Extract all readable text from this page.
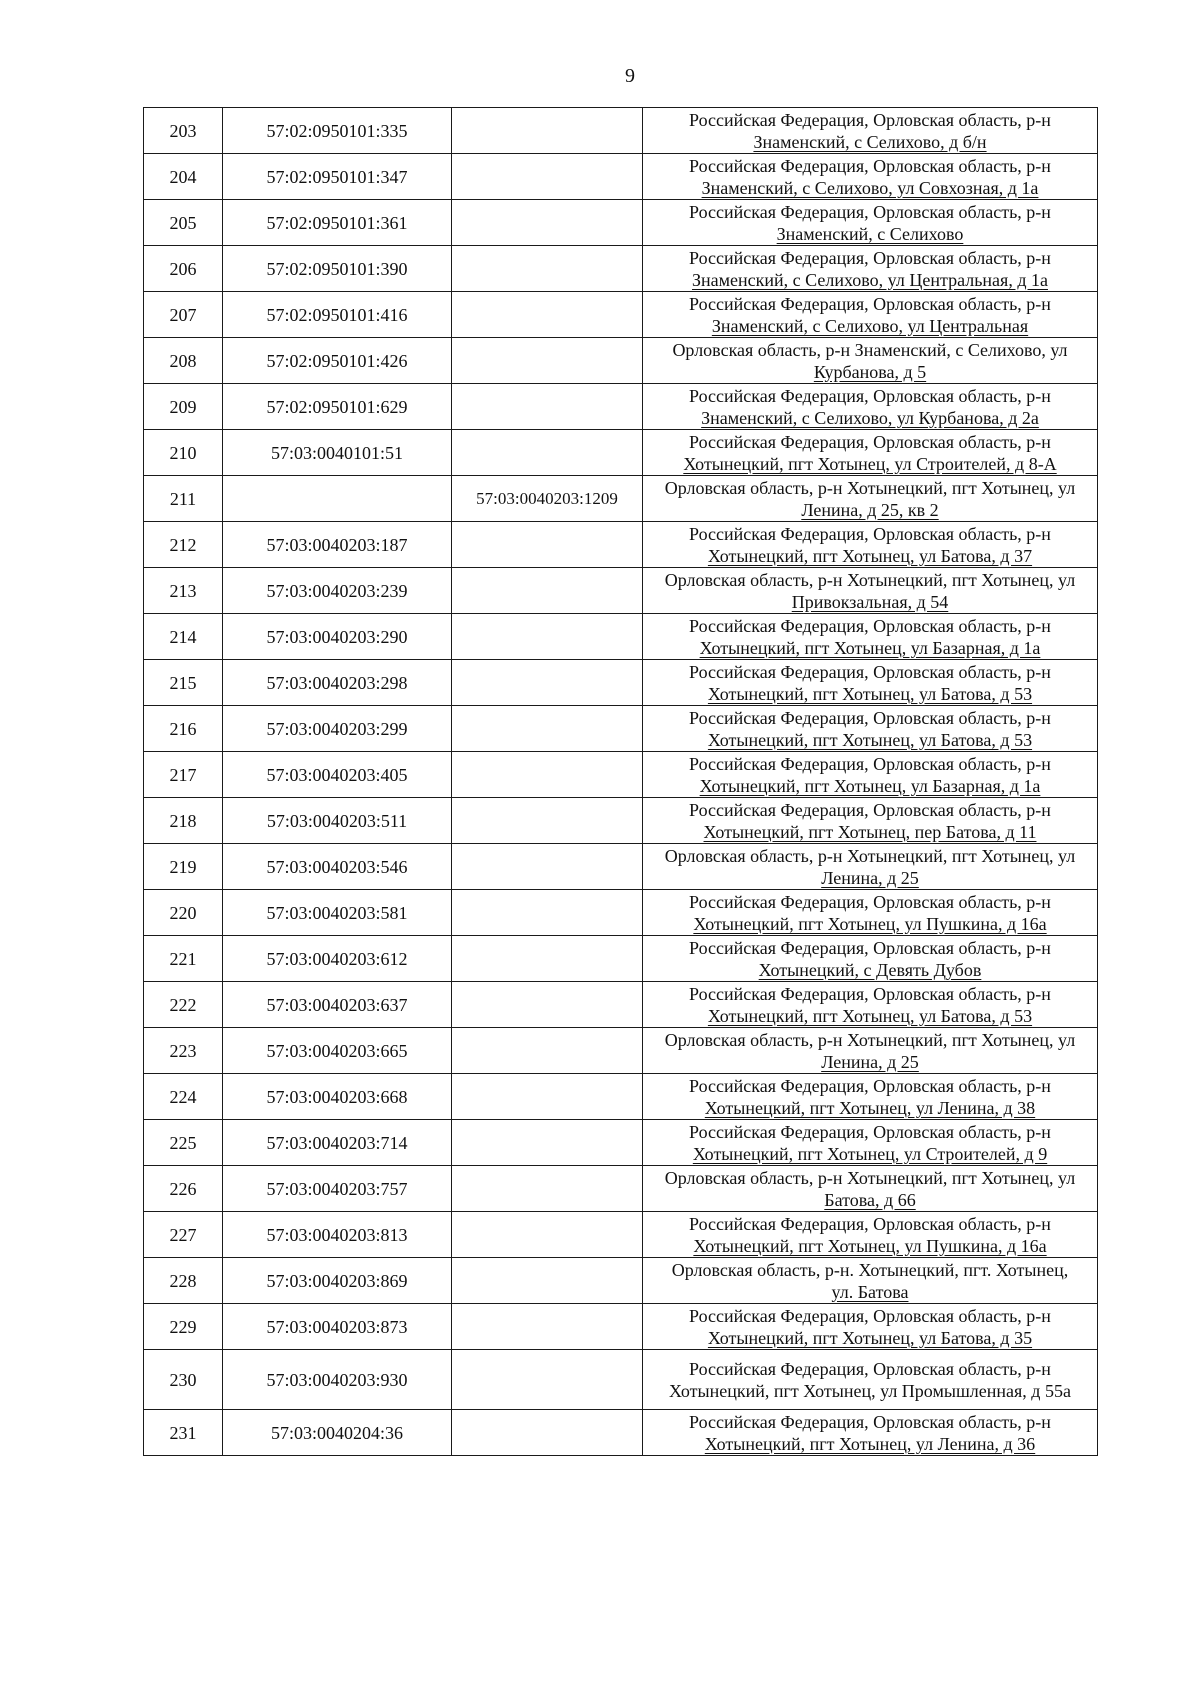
9
203	57:02:0950101:335		Российская Федерация, Орловская область, р-н
Знаменский, с Селихово, д б/н

204	57:02:0950101:347		Российская Федерация, Орловская область, р-н
Знаменский, с Селихово, ул Совхозная, д 1а

205	57:02:0950101:361		Российская Федерация, Орловская область, р-н
Знаменский, с Селихово

206	57:02:0950101:390		Российская Федерация, Орловская область, р-н
Знаменский, с Селихово, ул Центральная, д 1а

207	57:02:0950101:416		Российская Федерация, Орловская область, р-н
Знаменский, с Селихово, ул Центральная

208	57:02:0950101:426		Орловская область, р-н Знаменский, с Селихово, ул
Курбанова, д 5

209	57:02:0950101:629		Российская Федерация, Орловская область, р-н
Знаменский, с Селихово, ул Курбанова, д 2а

210	57:03:0040101:51		Российская Федерация, Орловская область, р-н
Хотынецкий, пгт Хотынец, ул Строителей, д 8-А

211		57:03:0040203:1209	Орловская область, р-н Хотынецкий, пгт Хотынец, ул
Ленина, д 25, кв 2

212	57:03:0040203:187		Российская Федерация, Орловская область, р-н
Хотынецкий, пгт Хотынец, ул Батова, д 37

213	57:03:0040203:239		Орловская область, р-н Хотынецкий, пгт Хотынец, ул
Привокзальная, д 54

214	57:03:0040203:290		Российская Федерация, Орловская область, р-н
Хотынецкий, пгт Хотынец, ул Базарная, д 1а

215	57:03:0040203:298		Российская Федерация, Орловская область, р-н
Хотынецкий, пгт Хотынец, ул Батова, д 53

216	57:03:0040203:299		Российская Федерация, Орловская область, р-н
Хотынецкий, пгт Хотынец, ул Батова, д 53

217	57:03:0040203:405		Российская Федерация, Орловская область, р-н
Хотынецкий, пгт Хотынец, ул Базарная, д 1а

218	57:03:0040203:511		Российская Федерация, Орловская область, р-н
Хотынецкий, пгт Хотынец, пер Батова, д 11

219	57:03:0040203:546		Орловская область, р-н Хотынецкий, пгт Хотынец, ул
Ленина, д 25

220	57:03:0040203:581		Российская Федерация, Орловская область, р-н
Хотынецкий, пгт Хотынец, ул Пушкина, д 16а

221	57:03:0040203:612		Российская Федерация, Орловская область, р-н
Хотынецкий, с Девять Дубов

222	57:03:0040203:637		Российская Федерация, Орловская область, р-н
Хотынецкий, пгт Хотынец, ул Батова, д 53

223	57:03:0040203:665		Орловская область, р-н Хотынецкий, пгт Хотынец, ул
Ленина, д 25

224	57:03:0040203:668		Российская Федерация, Орловская область, р-н
Хотынецкий, пгт Хотынец, ул Ленина, д 38

225	57:03:0040203:714		Российская Федерация, Орловская область, р-н
Хотынецкий, пгт Хотынец, ул Строителей, д 9

226	57:03:0040203:757		Орловская область, р-н Хотынецкий, пгт Хотынец, ул
Батова, д 66

227	57:03:0040203:813		Российская Федерация, Орловская область, р-н
Хотынецкий, пгт Хотынец, ул Пушкина, д 16а

228	57:03:0040203:869		Орловская область, р-н. Хотынецкий, пгт. Хотынец,
ул. Батова

229	57:03:0040203:873		Российская Федерация, Орловская область, р-н
Хотынецкий, пгт Хотынец, ул Батова, д 35

230	57:03:0040203:930		Российская Федерация, Орловская область, р-н
Хотынецкий, пгт Хотынец, ул Промышленная, д 55а

231	57:03:0040204:36		Российская Федерация, Орловская область, р-н
Хотынецкий, пгт Хотынец, ул Ленина, д 36
